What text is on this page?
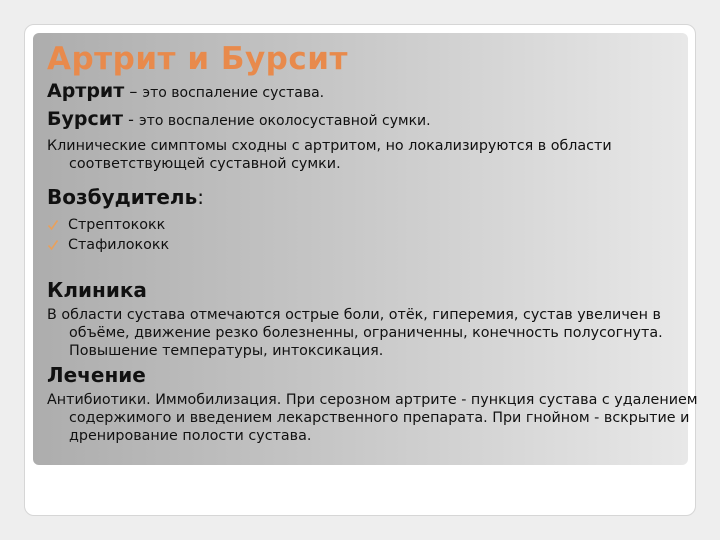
Артрит и Бурсит
Артрит – это воспаление сустава.
Бурсит - это воспаление околосуставной сумки.

Клинические симптомы сходны с артритом, но локализируются в области соответствующей суставной сумки.

Возбудитель:
Стрептококк
Стафилококк
Клиника

В области сустава отмечаются острые боли, отёк, гиперемия, сустав увеличен в объёме, движение резко болезненны, ограниченны, конечность полусогнута. Повышение температуры, интоксикация.

Лечение

Антибиотики. Иммобилизация. При серозном артрите - пункция сустава с удалением содержимого и введением лекарственного препарата. При гнойном - вскрытие и дренирование полости сустава.
